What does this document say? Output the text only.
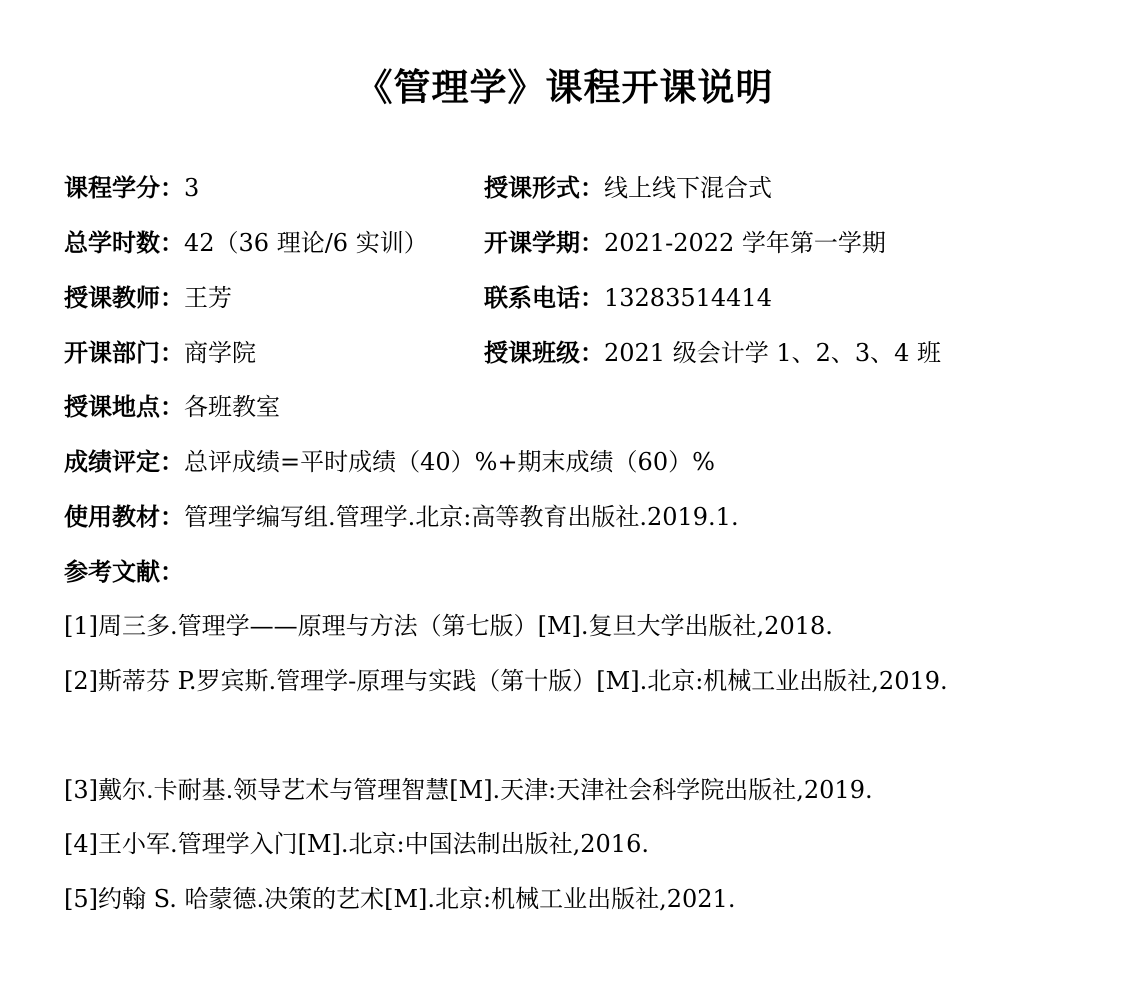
《管理学》课程开课说明
课程学分：3	授课形式：线上线下混合式
总学时数：42（36 理论/6 实训） 开课学期：2021-2022 学年第一学期
授课教师：王芳	联系电话：13283514414
开课部门：商学院	授课班级：2021 级会计学 1、2、3、4 班
授课地点：各班教室
成绩评定：总评成绩=平时成绩（40）%+期末成绩（60）%
使用教材：管理学编写组.管理学.北京:高等教育出版社.2019.1.
参考文献：
[1]周三多.管理学——原理与方法（第七版）[M].复旦大学出版社,2018.
[2]斯蒂芬 P.罗宾斯.管理学-原理与实践（第十版）[M].北京:机械工业出版社,2019.
[3]戴尔.卡耐基.领导艺术与管理智慧[M].天津:天津社会科学院出版社,2019.
[4]王小军.管理学入门[M].北京:中国法制出版社,2016.
[5]约翰 S. 哈蒙德.决策的艺术[M].北京:机械工业出版社,2021.
